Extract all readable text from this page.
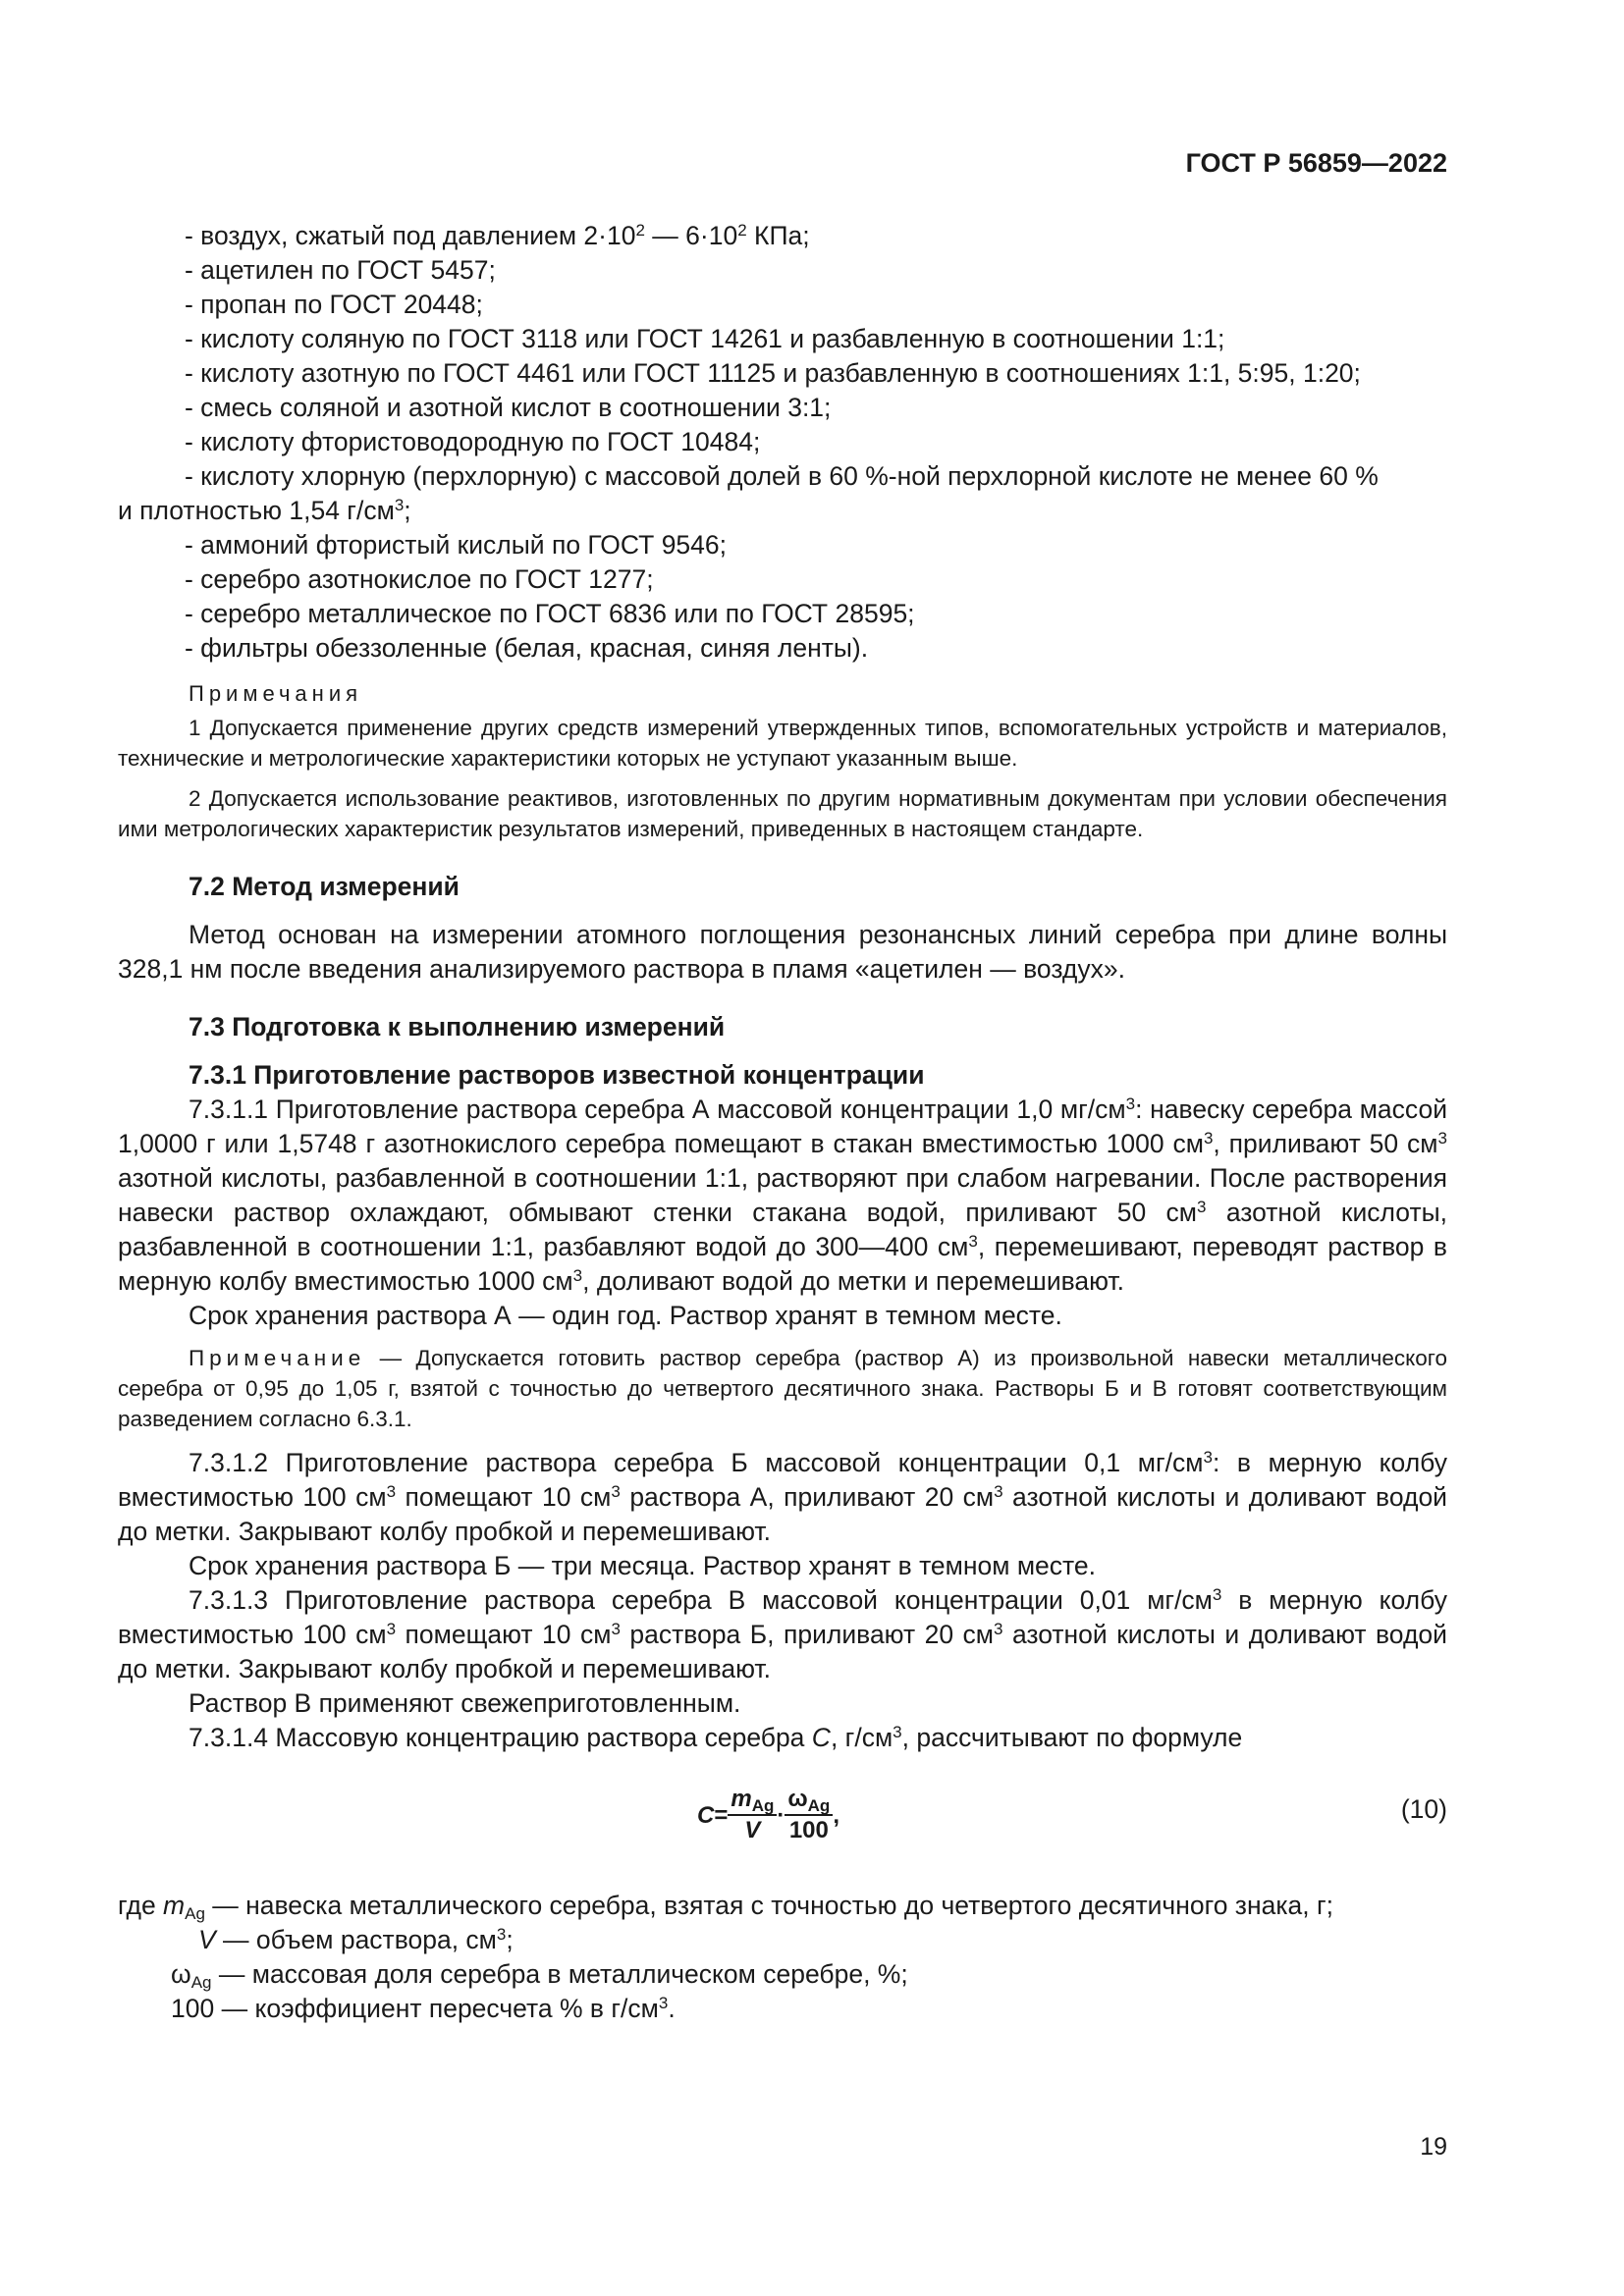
ГОСТ Р 56859—2022
- воздух, сжатый под давлением $2\cdot 10^2$ — $6\cdot 10^2$ КПа;
- ацетилен по ГОСТ 5457;
- пропан по ГОСТ 20448;
- кислоту соляную по ГОСТ 3118 или ГОСТ 14261 и разбавленную в соотношении 1:1;
- кислоту азотную по ГОСТ 4461 или ГОСТ 11125 и разбавленную в соотношениях 1:1, 5:95, 1:20;
- смесь соляной и азотной кислот в соотношении 3:1;
- кислоту фтористоводородную по ГОСТ 10484;
- кислоту хлорную (перхлорную) с массовой долей в 60 %-ной перхлорной кислоте не менее 60 %
и плотностью 1,54 $г/см^3$;
- аммоний фтористый кислый по ГОСТ 9546;
- серебро азотнокислое по ГОСТ 1277;
- серебро металлическое по ГОСТ 6836 или по ГОСТ 28595;
- фильтры обеззоленные (белая, красная, синяя ленты).
Примечания
1 Допускается применение других средств измерений утвержденных типов, вспомогательных устройств и материалов, технические и метрологические характеристики которых не уступают указанным выше.
2 Допускается использование реактивов, изготовленных по другим нормативным документам при условии обеспечения ими метрологических характеристик результатов измерений, приведенных в настоящем стандарте.
7.2 Метод измерений
Метод основан на измерении атомного поглощения резонансных линий серебра при длине волны 328,1 нм после введения анализируемого раствора в пламя «ацетилен — воздух».
7.3 Подготовка к выполнению измерений
7.3.1 Приготовление растворов известной концентрации
7.3.1.1 Приготовление раствора серебра А массовой концентрации 1,0 $мг/см^3$: навеску серебра массой 1,0000 г или 1,5748 г азотнокислого серебра помещают в стакан вместимостью 1000 $см^3$, приливают 50 $см^3$ азотной кислоты, разбавленной в соотношении 1:1, растворяют при слабом нагревании. После растворения навески раствор охлаждают, обмывают стенки стакана водой, приливают 50 $см^3$ азотной кислоты, разбавленной в соотношении 1:1, разбавляют водой до 300—400 $см^3$, перемешивают, переводят раствор в мерную колбу вместимостью 1000 $см^3$, доливают водой до метки и перемешивают.
Срок хранения раствора А — один год. Раствор хранят в темном месте.
Примечание — Допускается готовить раствор серебра (раствор А) из произвольной навески металлического серебра от 0,95 до 1,05 г, взятой с точностью до четвертого десятичного знака. Растворы Б и В готовят соответствующим разведением согласно 6.3.1.
7.3.1.2 Приготовление раствора серебра Б массовой концентрации 0,1 $мг/см^3$: в мерную колбу вместимостью 100 $см^3$ помещают 10 $см^3$ раствора А, приливают 20 $см^3$ азотной кислоты и доливают водой до метки. Закрывают колбу пробкой и перемешивают.
Срок хранения раствора Б — три месяца. Раствор хранят в темном месте.
7.3.1.3 Приготовление раствора серебра В массовой концентрации 0,01 $мг/см^3$ в мерную колбу вместимостью 100 $см^3$ помещают 10 $см^3$ раствора Б, приливают 20 $см^3$ азотной кислоты и доливают водой до метки. Закрывают колбу пробкой и перемешивают.
Раствор В применяют свежеприготовленным.
7.3.1.4 Массовую концентрацию раствора серебра C, $г/см^3$, рассчитывают по формуле
$C= \frac{m_{Ag}}{V} \cdot \frac{\omega_{Ag}}{100}$ ,	(10)
где $m_{Ag}$ — навеска металлического серебра, взятая с точностью до четвертого десятичного знака, г;
V — объем раствора, $см^3$;
$\omega_{Ag}$ — массовая доля серебра в металлическом серебре, %;
100 — коэффициент пересчета % в $г/см^3$.
19
